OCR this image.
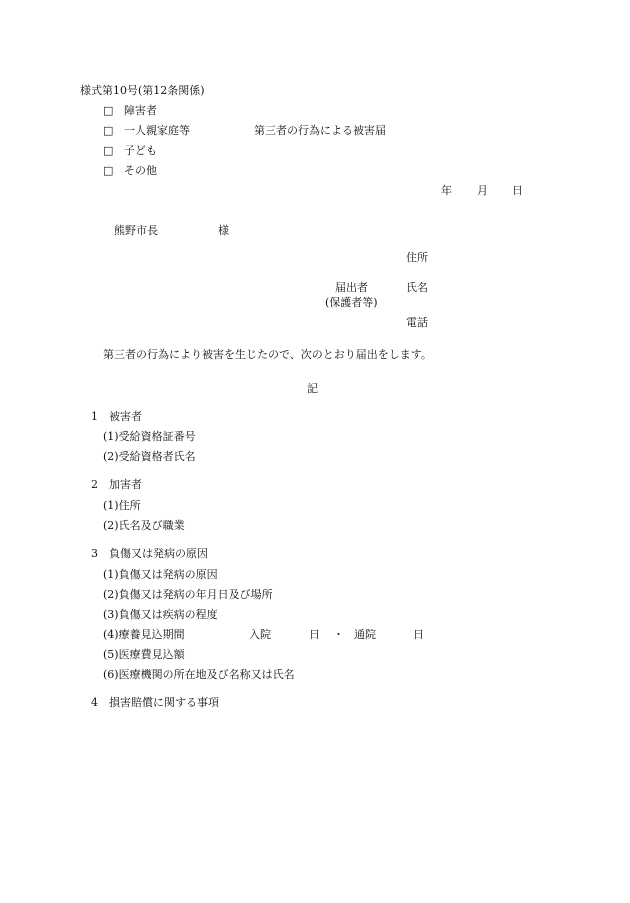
様式第10号(第12条関係)
□ 障害者
□ 一人親家庭等	第三者の行為による被害届
□ 子ども
□ その他
年 月 日
熊野市長	様
住所
届出者	氏名
(保護者等)
電話
第三者の行為により被害を生じたので、次のとおり届出をします。
記
1　被害者
(1)受給資格証番号
(2)受給資格者氏名
2　加害者
(1)住所
(2)氏名及び職業
3　負傷又は発病の原因
(1)負傷又は発病の原因
(2)負傷又は発病の年月日及び場所
(3)負傷又は疾病の程度
(4)療養見込期間	入院	日 ・ 通院	日
(5)医療費見込額
(6)医療機関の所在地及び名称又は氏名
4　損害賠償に関する事項
